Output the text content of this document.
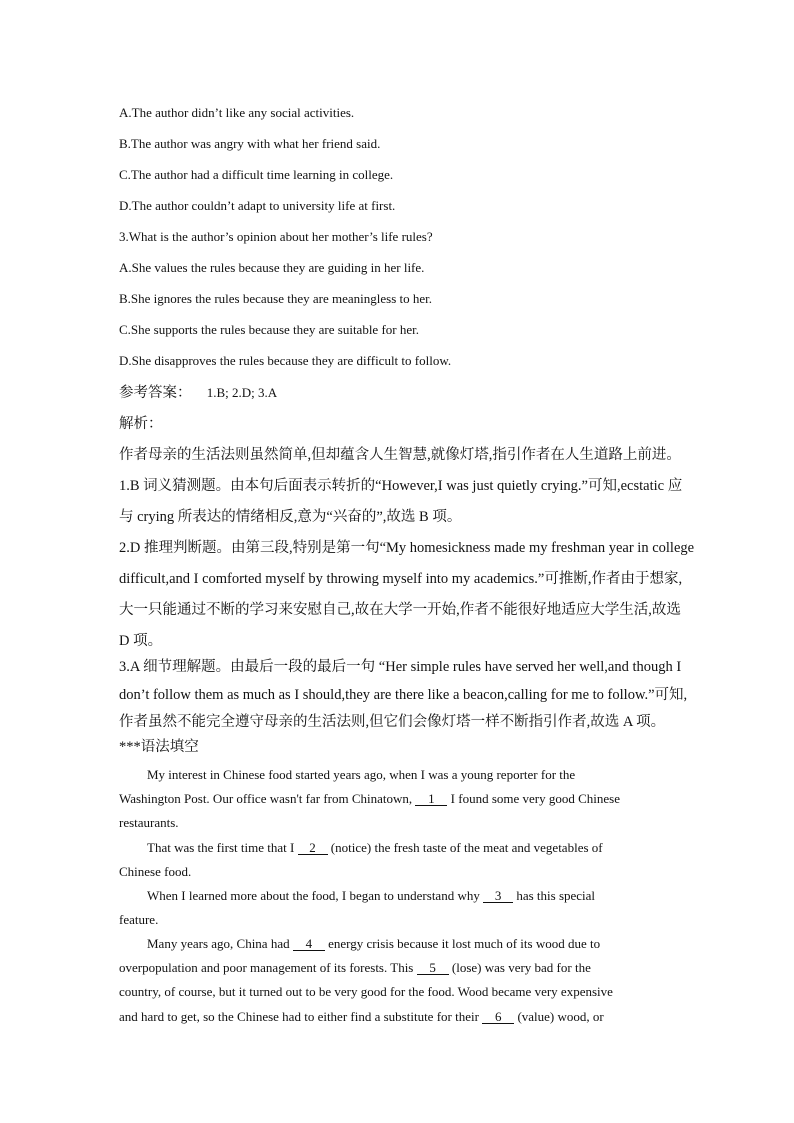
A.The author didn’t like any social activities.
B.The author was angry with what her friend said.
C.The author had a difficult time learning in college.
D.The author couldn’t adapt to university life at first.
3.What is the author’s opinion about her mother’s life rules?
A.She values the rules because they are guiding in her life.
B.She ignores the rules because they are meaningless to her.
C.She supports the rules because they are suitable for her.
D.She disapproves the rules because they are difficult to follow.
参考答案： 1.B; 2.D; 3.A
解析：
作者母亲的生活法则虽然简单,但却蕴含人生智慧,就像灯塔,指引作者在人生道路上前进。
1.B 词义猜测题。由本句后面表示转折的“However,I was just quietly crying.”可知,ecstatic 应
与 crying 所表达的情绪相反,意为“兴奋的”,故选 B 项。
2.D 推理判断题。由第三段,特别是第一句“My homesickness made my freshman year in college
difficult,and I comforted myself by throwing myself into my academics.”可推断,作者由于想家,
大一只能通过不断的学习来安慰自己,故在大学一开始,作者不能很好地适应大学生活,故选
D 项。
3.A 细节理解题。由最后一段的最后一句 “Her simple rules have served her well,and though I
don’t follow them as much as I should,they are there like a beacon,calling for me to follow.”可知,
作者虽然不能完全遵守母亲的生活法则,但它们会像灯塔一样不断指引作者,故选 A 项。
***语法填空
My interest in Chinese food started years ago, when I was a young reporter for the
Washington Post. Our office wasn't far from Chinatown, 1 I found some very good Chinese
restaurants.
That was the first time that I 2 (notice) the fresh taste of the meat and vegetables of
Chinese food.
When I learned more about the food, I began to understand why 3 has this special
feature.
Many years ago, China had 4 energy crisis because it lost much of its wood due to
overpopulation and poor management of its forests. This 5 (lose) was very bad for the
country, of course, but it turned out to be very good for the food. Wood became very expensive
and hard to get, so the Chinese had to either find a substitute for their 6 (value) wood, or
